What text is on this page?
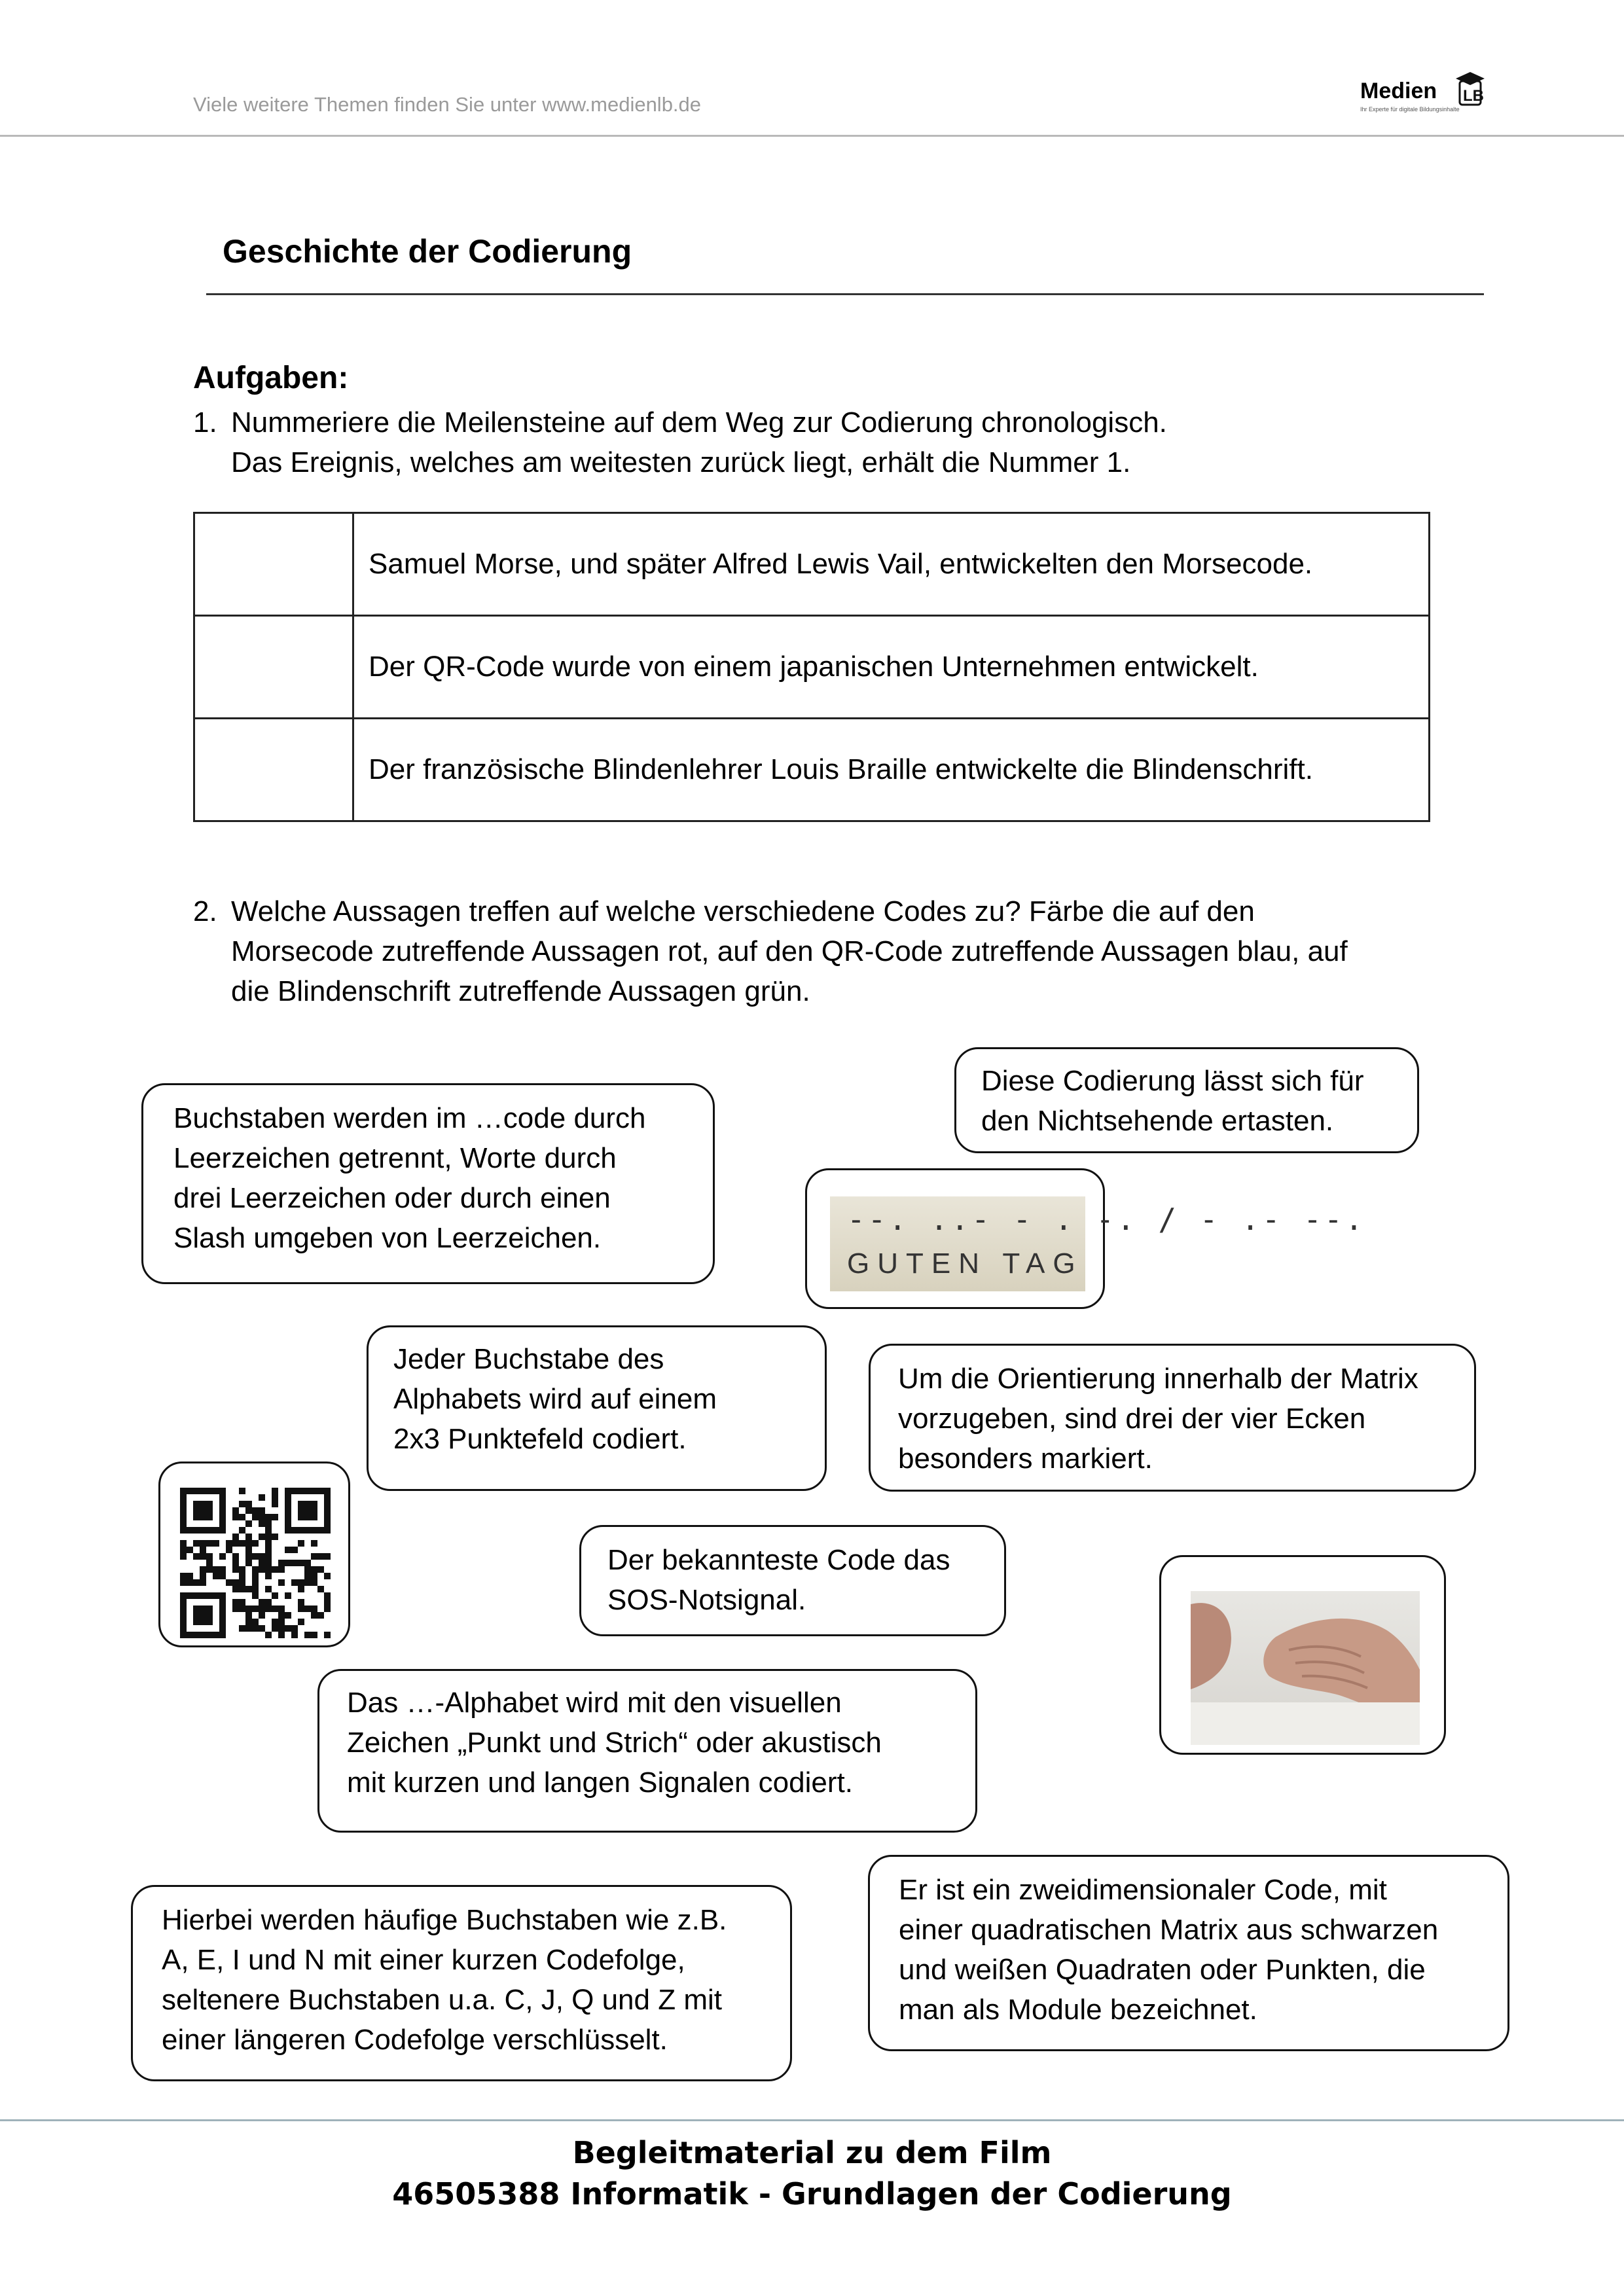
Viele weitere Themen finden Sie unter www.medienlb.de
Medien LB
Ihr Experte für digitale Bildungsinhalte
Geschichte der Codierung
Aufgaben:
1. Nummeriere die Meilensteine auf dem Weg zur Codierung chronologisch.
Das Ereignis, welches am weitesten zurück liegt, erhält die Nummer 1.
	Samuel Morse, und später Alfred Lewis Vail, entwickelten den Morsecode.
	Der QR-Code wurde von einem japanischen Unternehmen entwickelt.
	Der französische Blindenlehrer Louis Braille entwickelte die Blindenschrift.
2. Welche Aussagen treffen auf welche verschiedene Codes zu? Färbe die auf den
Morsecode zutreffende Aussagen rot, auf den QR-Code zutreffende Aussagen blau, auf
die Blindenschrift zutreffende Aussagen grün.
Diese Codierung lässt sich für
den Nichtsehende ertasten.
Buchstaben werden im …code durch
Leerzeichen getrennt, Worte durch
drei Leerzeichen oder durch einen
Slash umgeben von Leerzeichen.
--. ..- - . -. / - .- --.
GUTEN TAG
Jeder Buchstabe des
Alphabets wird auf einem
2x3 Punktefeld codiert.
Um die Orientierung innerhalb der Matrix
vorzugeben, sind drei der vier Ecken
besonders markiert.
Der bekannteste Code das
SOS-Notsignal.
Das …-Alphabet wird mit den visuellen
Zeichen „Punkt und Strich“ oder akustisch
mit kurzen und langen Signalen codiert.
Er ist ein zweidimensionaler Code, mit
einer quadratischen Matrix aus schwarzen
und weißen Quadraten oder Punkten, die
man als Module bezeichnet.
Hierbei werden häufige Buchstaben wie z.B.
A, E, I und N mit einer kurzen Codefolge,
seltenere Buchstaben u.a. C, J, Q und Z mit
einer längeren Codefolge verschlüsselt.
Begleitmaterial zu dem Film
46505388 Informatik - Grundlagen der Codierung
